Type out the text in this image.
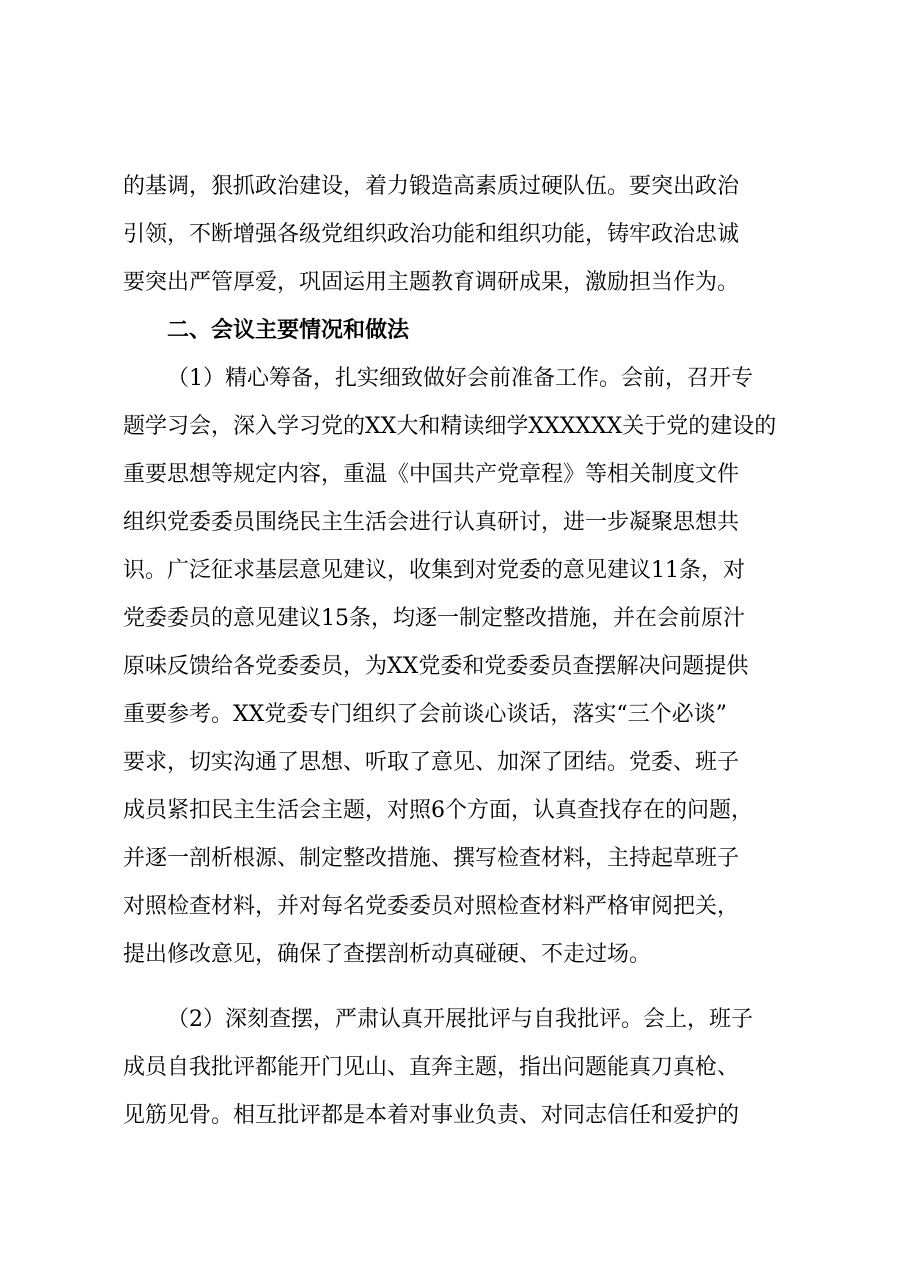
的基调，狠抓政治建设，着力锻造高素质过硬队伍。要突出政治

引领，不断增强各级党组织政治功能和组织功能，铸牢政治忠诚

要突出严管厚爱，巩固运用主题教育调研成果，激励担当作为。

二、会议主要情况和做法

（1）精心筹备，扎实细致做好会前准备工作。会前，召开专

题学习会，深入学习党的XX大和精读细学XXXXXX关于党的建设的

重要思想等规定内容，重温《中国共产党章程》等相关制度文件

组织党委委员围绕民主生活会进行认真研讨，进一步凝聚思想共

识。广泛征求基层意见建议，收集到对党委的意见建议11条，对

党委委员的意见建议15条，均逐一制定整改措施，并在会前原汁

原味反馈给各党委委员，为XX党委和党委委员查摆解决问题提供

重要参考。XX党委专门组织了会前谈心谈话，落实“三个必谈”

要求，切实沟通了思想、听取了意见、加深了团结。党委、班子

成员紧扣民主生活会主题，对照6个方面，认真查找存在的问题，

并逐一剖析根源、制定整改措施、撰写检查材料，主持起草班子

对照检查材料，并对每名党委委员对照检查材料严格审阅把关，

提出修改意见，确保了查摆剖析动真碰硬、不走过场。

（2）深刻查摆，严肃认真开展批评与自我批评。会上，班子

成员自我批评都能开门见山、直奔主题，指出问题能真刀真枪、

见筋见骨。相互批评都是本着对事业负责、对同志信任和爱护的
